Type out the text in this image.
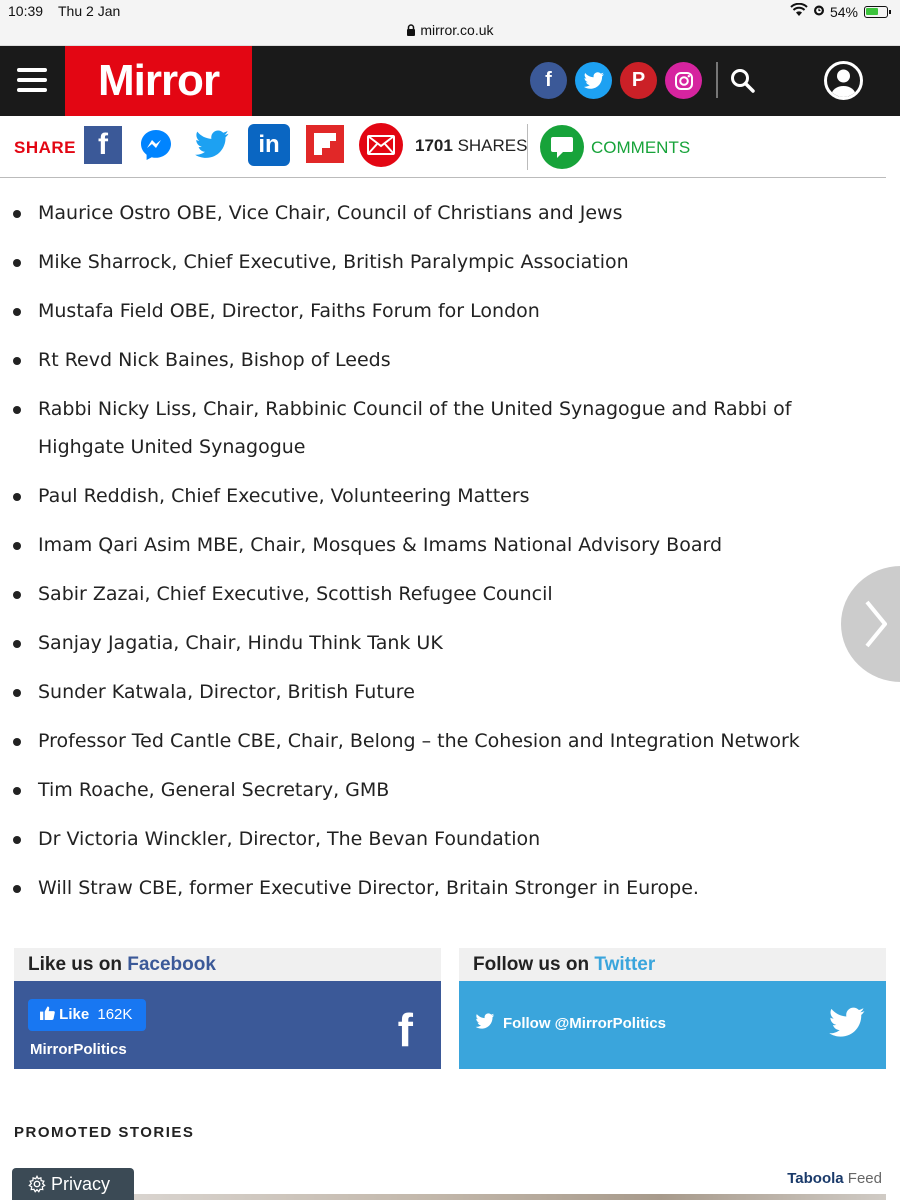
10:39 Thu 2 Jan	54%
mirror.co.uk
Mirror	f	P
SHARE f	in	1701 SHARES	COMMENTS
Maurice Ostro OBE, Vice Chair, Council of Christians and Jews
Mike Sharrock, Chief Executive, British Paralympic Association
Mustafa Field OBE, Director, Faiths Forum for London
Rt Revd Nick Baines, Bishop of Leeds
Rabbi Nicky Liss, Chair, Rabbinic Council of the United Synagogue and Rabbi of Highgate United Synagogue
Paul Reddish, Chief Executive, Volunteering Matters
Imam Qari Asim MBE, Chair, Mosques & Imams National Advisory Board
Sabir Zazai, Chief Executive, Scottish Refugee Council
Sanjay Jagatia, Chair, Hindu Think Tank UK
Sunder Katwala, Director, British Future
Professor Ted Cantle CBE, Chair, Belong – the Cohesion and Integration Network
Tim Roache, General Secretary, GMB
Dr Victoria Winckler, Director, The Bevan Foundation
Will Straw CBE, former Executive Director, Britain Stronger in Europe.
Like us on Facebook
Like 162K
MirrorPolitics	f
Follow us on Twitter
Follow @MirrorPolitics
PROMOTED STORIES
Taboola Feed
Privacy
